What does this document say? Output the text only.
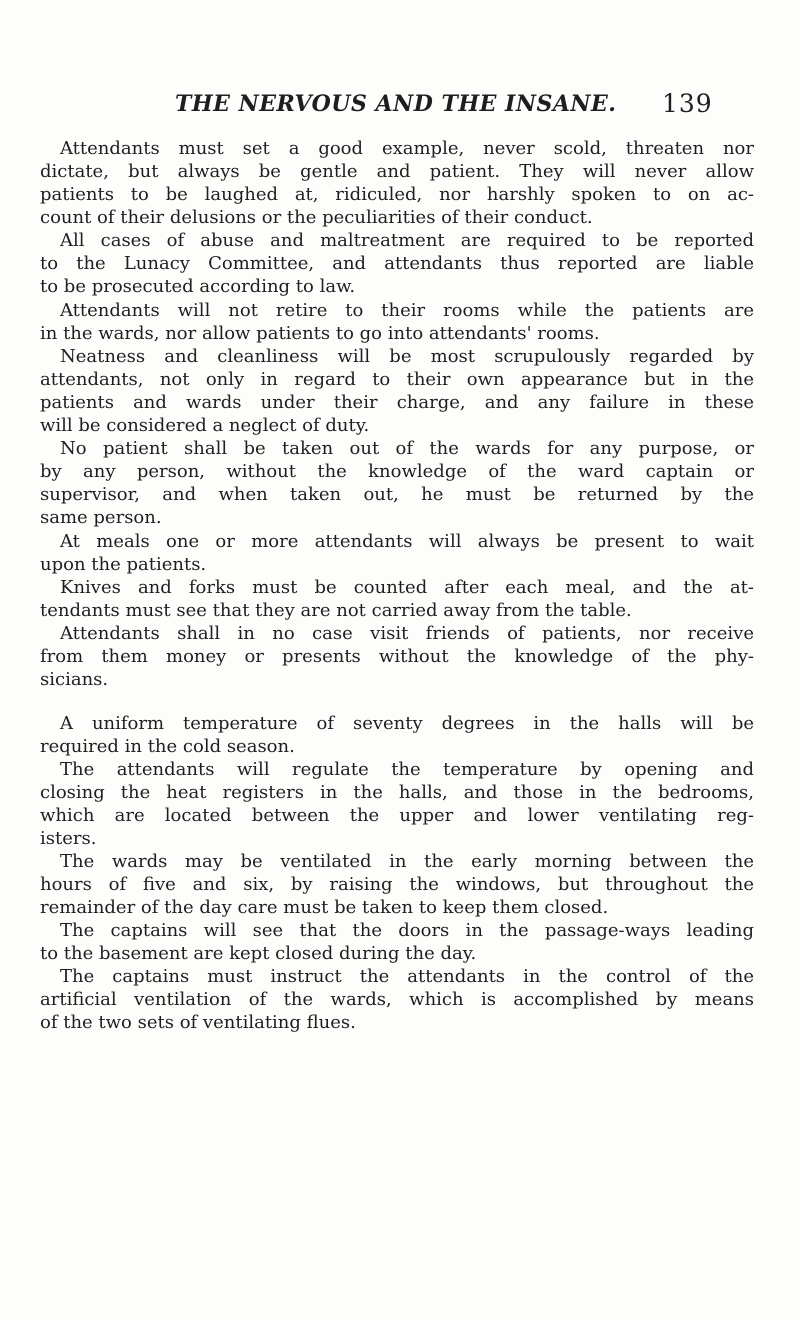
THE NERVOUS AND THE INSANE.	139
Attendants must set a good example, never scold, threaten nor
dictate, but always be gentle and patient. They will never allow
patients to be laughed at, ridiculed, nor harshly spoken to on ac-
count of their delusions or the peculiarities of their conduct.
All cases of abuse and maltreatment are required to be reported
to the Lunacy Committee, and attendants thus reported are liable
to be prosecuted according to law.
Attendants will not retire to their rooms while the patients are
in the wards, nor allow patients to go into attendants' rooms.
Neatness and cleanliness will be most scrupulously regarded by
attendants, not only in regard to their own appearance but in the
patients and wards under their charge, and any failure in these
will be considered a neglect of duty.
No patient shall be taken out of the wards for any purpose, or
by any person, without the knowledge of the ward captain or
supervisor, and when taken out, he must be returned by the
same person.
At meals one or more attendants will always be present to wait
upon the patients.
Knives and forks must be counted after each meal, and the at-
tendants must see that they are not carried away from the table.
Attendants shall in no case visit friends of patients, nor receive
from them money or presents without the knowledge of the phy-
sicians.
A uniform temperature of seventy degrees in the halls will be
required in the cold season.
The attendants will regulate the temperature by opening and
closing the heat registers in the halls, and those in the bedrooms,
which are located between the upper and lower ventilating reg-
isters.
The wards may be ventilated in the early morning between the
hours of five and six, by raising the windows, but throughout the
remainder of the day care must be taken to keep them closed.
The captains will see that the doors in the passage-ways leading
to the basement are kept closed during the day.
The captains must instruct the attendants in the control of the
artificial ventilation of the wards, which is accomplished by means
of the two sets of ventilating flues.
